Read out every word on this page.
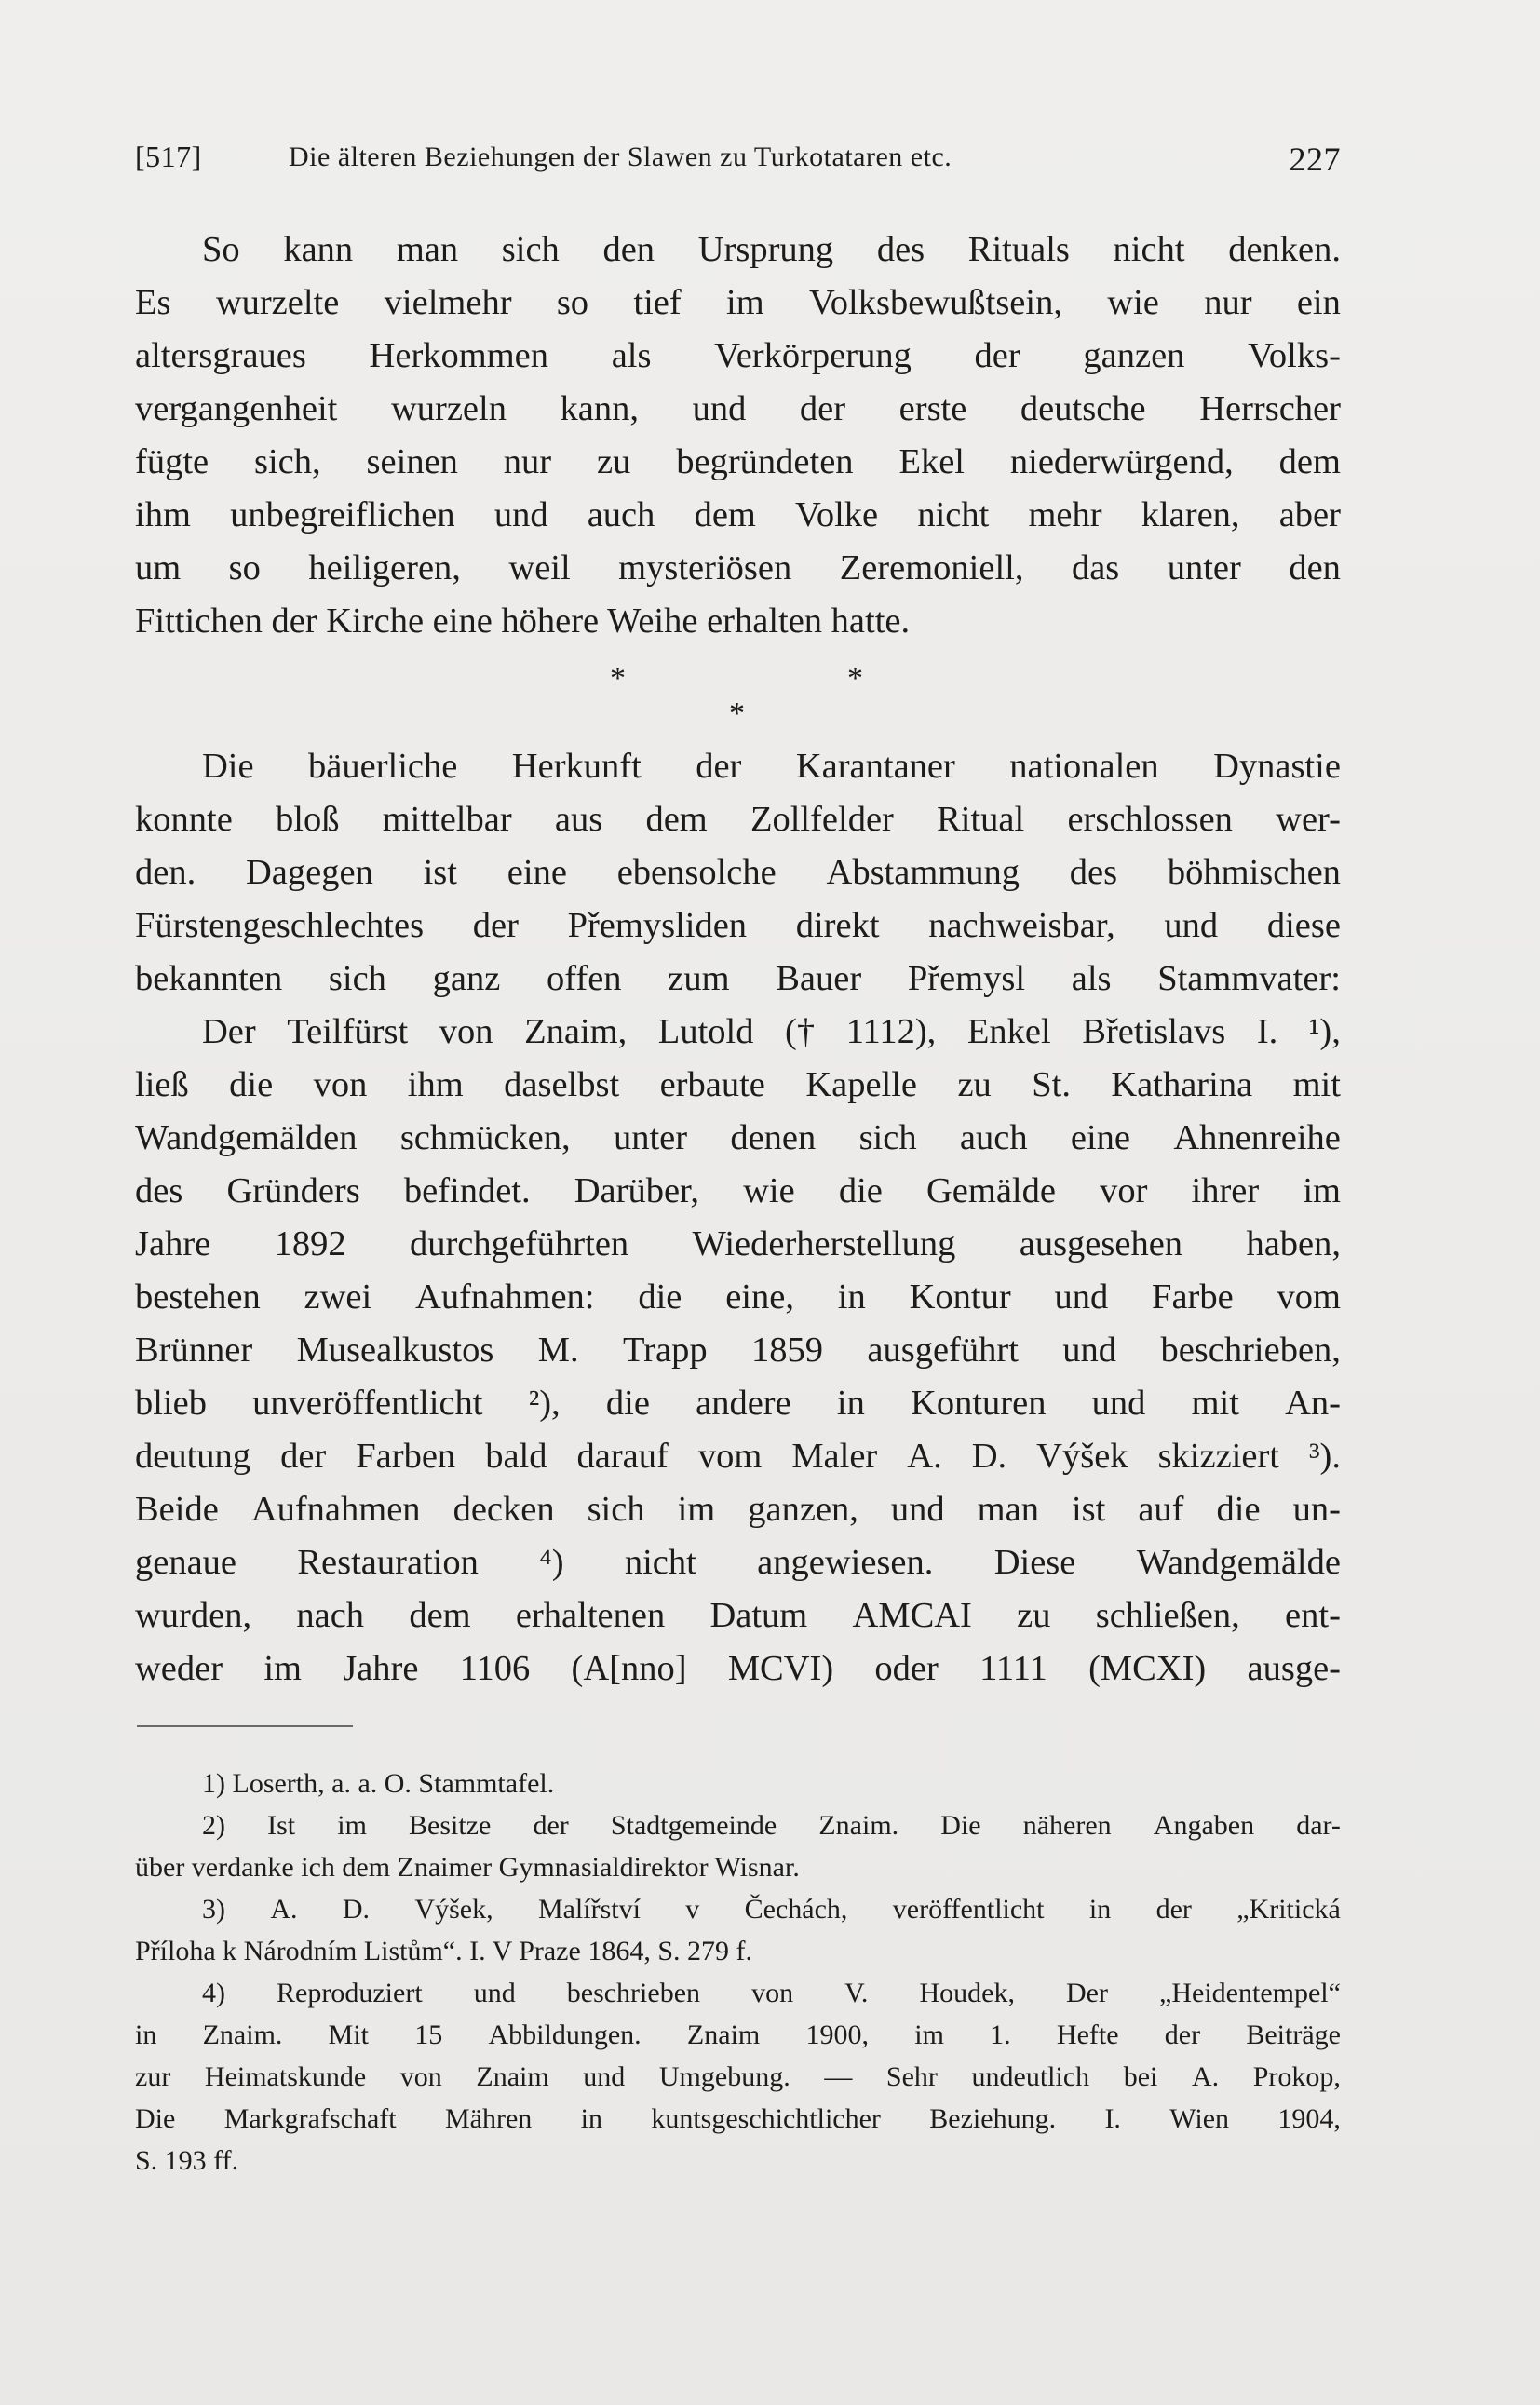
[517]	Die älteren Beziehungen der Slawen zu Turkotataren etc.	227
So kann man sich den Ursprung des Rituals nicht denken.
Es wurzelte vielmehr so tief im Volksbewußtsein, wie nur ein
altersgraues Herkommen als Verkörperung der ganzen Volks-
vergangenheit wurzeln kann, und der erste deutsche Herrscher
fügte sich, seinen nur zu begründeten Ekel niederwürgend, dem
ihm unbegreiflichen und auch dem Volke nicht mehr klaren, aber
um so heiligeren, weil mysteriösen Zeremoniell, das unter den
Fittichen der Kirche eine höhere Weihe erhalten hatte.
*
*
*
Die bäuerliche Herkunft der Karantaner nationalen Dynastie
konnte bloß mittelbar aus dem Zollfelder Ritual erschlossen wer-
den. Dagegen ist eine ebensolche Abstammung des böhmischen
Fürstengeschlechtes der Přemysliden direkt nachweisbar, und diese
bekannten sich ganz offen zum Bauer Přemysl als Stammvater:
Der Teilfürst von Znaim, Lutold († 1112), Enkel Břetislavs I. ¹),
ließ die von ihm daselbst erbaute Kapelle zu St. Katharina mit
Wandgemälden schmücken, unter denen sich auch eine Ahnenreihe
des Gründers befindet. Darüber, wie die Gemälde vor ihrer im
Jahre 1892 durchgeführten Wiederherstellung ausgesehen haben,
bestehen zwei Aufnahmen: die eine, in Kontur und Farbe vom
Brünner Musealkustos M. Trapp 1859 ausgeführt und beschrieben,
blieb unveröffentlicht ²), die andere in Konturen und mit An-
deutung der Farben bald darauf vom Maler A. D. Výšek skizziert ³).
Beide Aufnahmen decken sich im ganzen, und man ist auf die un-
genaue Restauration ⁴) nicht angewiesen. Diese Wandgemälde
wurden, nach dem erhaltenen Datum AMCAI zu schließen, ent-
weder im Jahre 1106 (A[nno] MCVI) oder 1111 (MCXI) ausge-
1) Loserth, a. a. O. Stammtafel.
2) Ist im Besitze der Stadtgemeinde Znaim. Die näheren Angaben dar-
über verdanke ich dem Znaimer Gymnasialdirektor Wisnar.
3) A. D. Výšek, Malířství v Čechách, veröffentlicht in der „Kritická
Příloha k Národním Listům“. I. V Praze 1864, S. 279 f.
4) Reproduziert und beschrieben von V. Houdek, Der „Heidentempel“
in Znaim. Mit 15 Abbildungen. Znaim 1900, im 1. Hefte der Beiträge
zur Heimatskunde von Znaim und Umgebung. — Sehr undeutlich bei A. Prokop,
Die Markgrafschaft Mähren in kuntsgeschichtlicher Beziehung. I. Wien 1904,
S. 193 ff.
